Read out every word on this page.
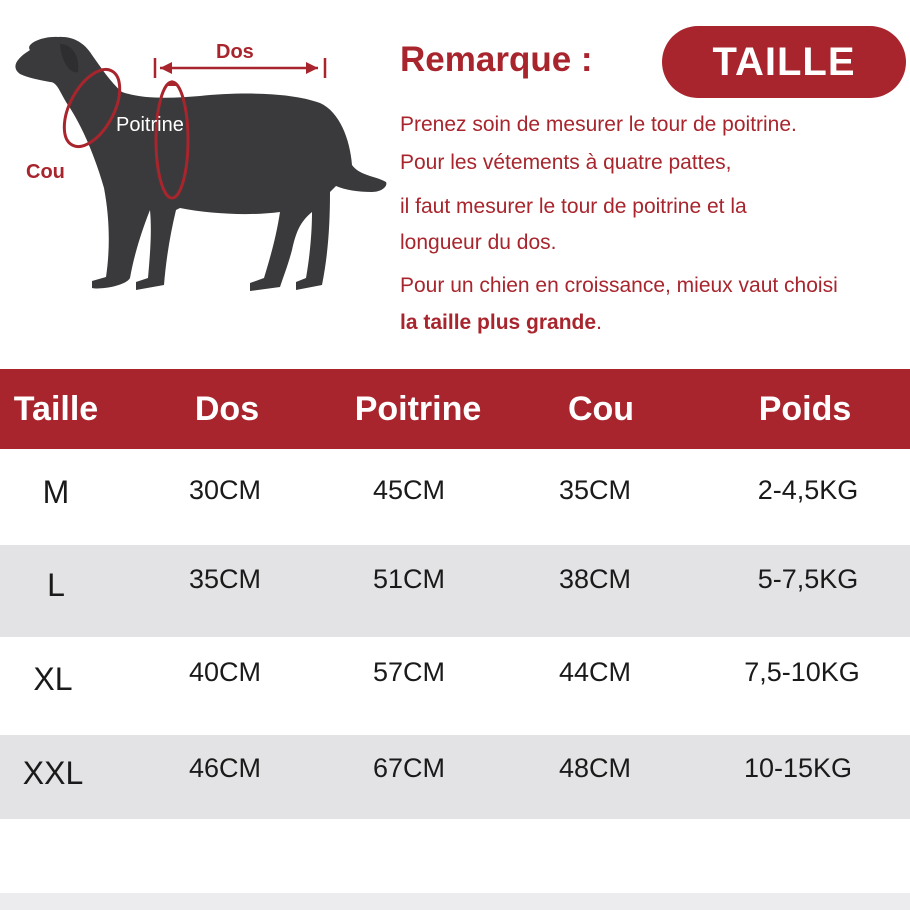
Dos
Cou
Poitrine
Remarque :	TAILLE
Prenez soin de mesurer le tour de poitrine.
Pour les vétements à quatre pattes,
il faut mesurer le tour de poitrine et la
longueur du dos.
Pour un chien en croissance, mieux vaut choisi
la taille plus grande.
Taille	Dos	Poitrine	Cou	Poids
M	30CM	45CM	35CM	2-4,5KG
L	35CM	51CM	38CM	5-7,5KG
XL	40CM	57CM	44CM	7,5-10KG
XXL	46CM	67CM	48CM	10-15KG
